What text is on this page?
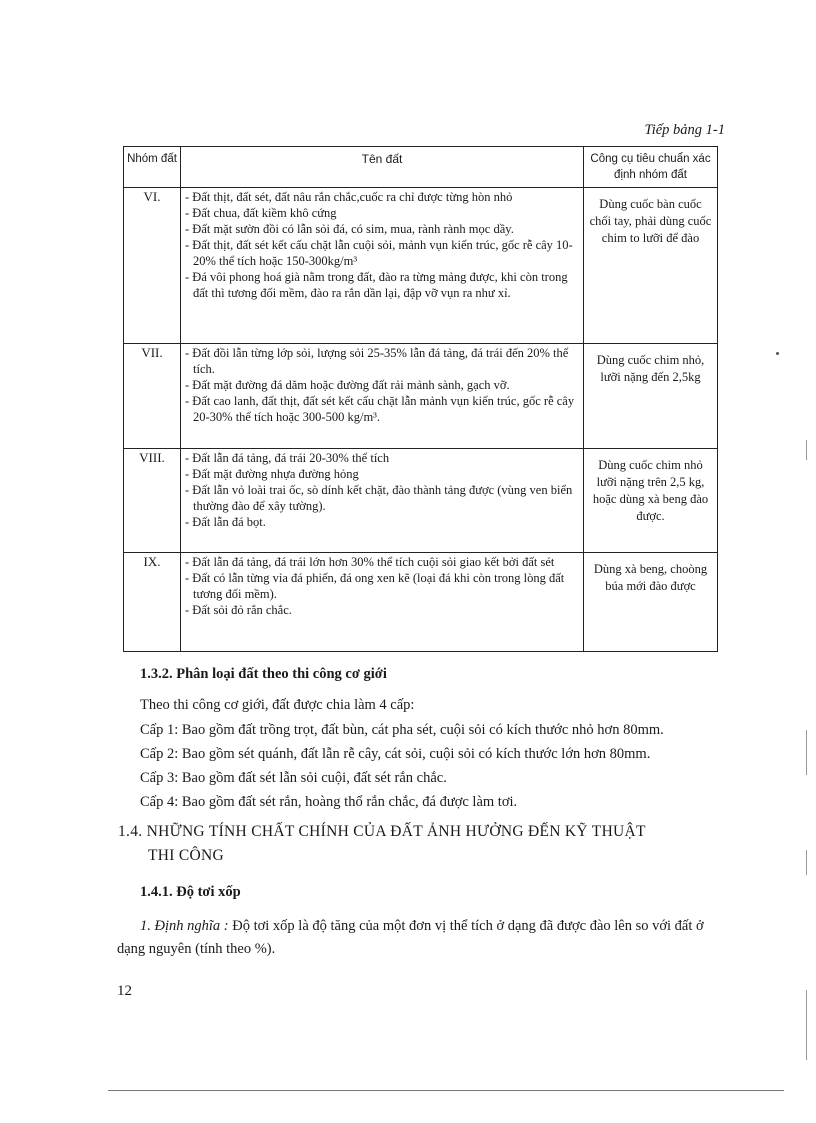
Tiếp bảng 1-1
Nhóm đất	Tên đất	Công cụ tiêu chuẩn xác định nhóm đất
VI.	- Đất thịt, đất sét, đất nâu rắn chắc,cuốc ra chỉ được từng hòn nhỏ

- Đất chua, đất kiềm khô cứng

- Đất mặt sườn đồi có lẫn sỏi đá, có sim, mua, rành rành mọc dầy.

- Đất thịt, đất sét kết cấu chặt lẫn cuội sỏi, mảnh vụn kiến trúc, gốc rễ cây 10-20% thể tích hoặc 150-300kg/m³

- Đá vôi phong hoá già nằm trong đất, đào ra từng mảng được, khi còn trong đất thì tương đối mềm, đào ra rắn dần lại, đập vỡ vụn ra như xỉ.	Dùng cuốc bàn cuốc chối tay, phải dùng cuốc chim to lưỡi để đào
VII.	- Đất đồi lẫn từng lớp sỏi, lượng sỏi 25-35% lẫn đá tảng, đá trái đến 20% thể tích.

- Đất mặt đường đá dăm hoặc đường đất rải mảnh sành, gạch vỡ.

- Đất cao lanh, đất thịt, đất sét kết cấu chặt lẫn mảnh vụn kiến trúc, gốc rễ cây 20-30% thể tích hoặc 300-500 kg/m³.	Dùng cuốc chim nhỏ, lưỡi nặng đến 2,5kg
VIII.	- Đất lẫn đá tảng, đá trái 20-30% thể tích

- Đất mặt đường nhựa đường hỏng

- Đất lẫn vỏ loài trai ốc, sò dính kết chặt, đào thành tảng được (vùng ven biển thường đào để xây tường).

- Đất lẫn đá bọt.	Dùng cuốc chim nhỏ lưỡi nặng trên 2,5 kg, hoặc dùng xà beng đào được.
IX.	- Đất lẫn đá tảng, đá trái lớn hơn 30% thể tích cuội sỏi giao kết bởi đất sét

- Đất có lẫn từng vỉa đá phiến, đá ong xen kẽ (loại đá khi còn trong lòng đất tương đối mềm).

- Đất sỏi đỏ rắn chắc.	Dùng xà beng, choòng búa mới đào được
1.3.2. Phân loại đất theo thi công cơ giới
Theo thi công cơ giới, đất được chia làm 4 cấp:
Cấp 1: Bao gồm đất trồng trọt, đất bùn, cát pha sét, cuội sỏi có kích thước nhỏ hơn 80mm.
Cấp 2: Bao gồm sét quánh, đất lẫn rễ cây, cát sỏi, cuội sỏi có kích thước lớn hơn 80mm.
Cấp 3: Bao gồm đất sét lẫn sỏi cuội, đất sét rắn chắc.
Cấp 4: Bao gồm đất sét rắn, hoàng thổ rắn chắc, đá được làm tơi.
1.4. NHỮNG TÍNH CHẤT CHÍNH CỦA ĐẤT ẢNH HƯỞNG ĐẾN KỸ THUẬT
THI CÔNG
1.4.1. Độ tơi xốp
1. Định nghĩa : Độ tơi xốp là độ tăng của một đơn vị thể tích ở dạng đã được đào lên so với đất ở dạng nguyên (tính theo %).
12
